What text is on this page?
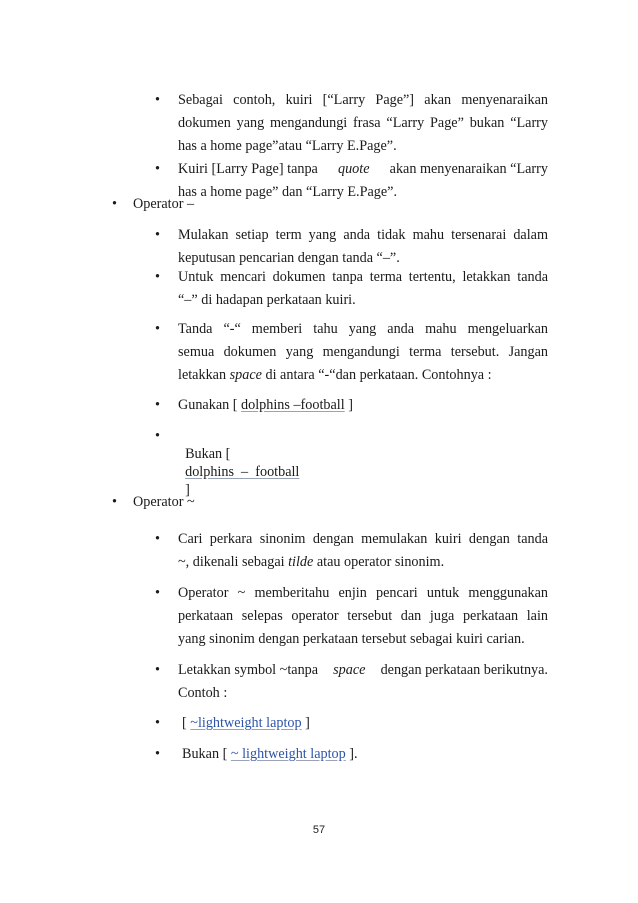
• Sebagai contoh, kuiri [“Larry Page”] akan menyenaraikan
dokumen yang mengandungi frasa “Larry Page” bukan “Larry
has a home page”atau “Larry E.Page”.
• Kuiri [Larry Page] tanpa quote akan menyenaraikan “Larry
has a home page” dan “Larry E.Page”.
• Operator –
• Mulakan setiap term yang anda tidak mahu tersenarai dalam
keputusan pencarian dengan tanda “–”.
• Untuk mencari dokumen tanpa terma tertentu, letakkan tanda
“–” di hadapan perkataan kuiri.
• Tanda “-“ memberi tahu yang anda mahu mengeluarkan
semua dokumen yang mengandungi terma tersebut. Jangan
letakkan space di antara “-“dan perkataan. Contohnya :
• Gunakan [ dolphins –football ]
•

Bukan [
dolphins  –  football
]

• Operator ~
• Cari perkara sinonim dengan memulakan kuiri dengan tanda
~, dikenali sebagai tilde atau operator sinonim.
• Operator ~ memberitahu enjin pencari untuk menggunakan
perkataan selepas operator tersebut dan juga perkataan lain
yang sinonim dengan perkataan tersebut sebagai kuiri carian.
• Letakkan symbol ~tanpa space dengan perkataan berikutnya.
Contoh :
• [ ~lightweight laptop ]
• Bukan [ ~ lightweight laptop ].
57
